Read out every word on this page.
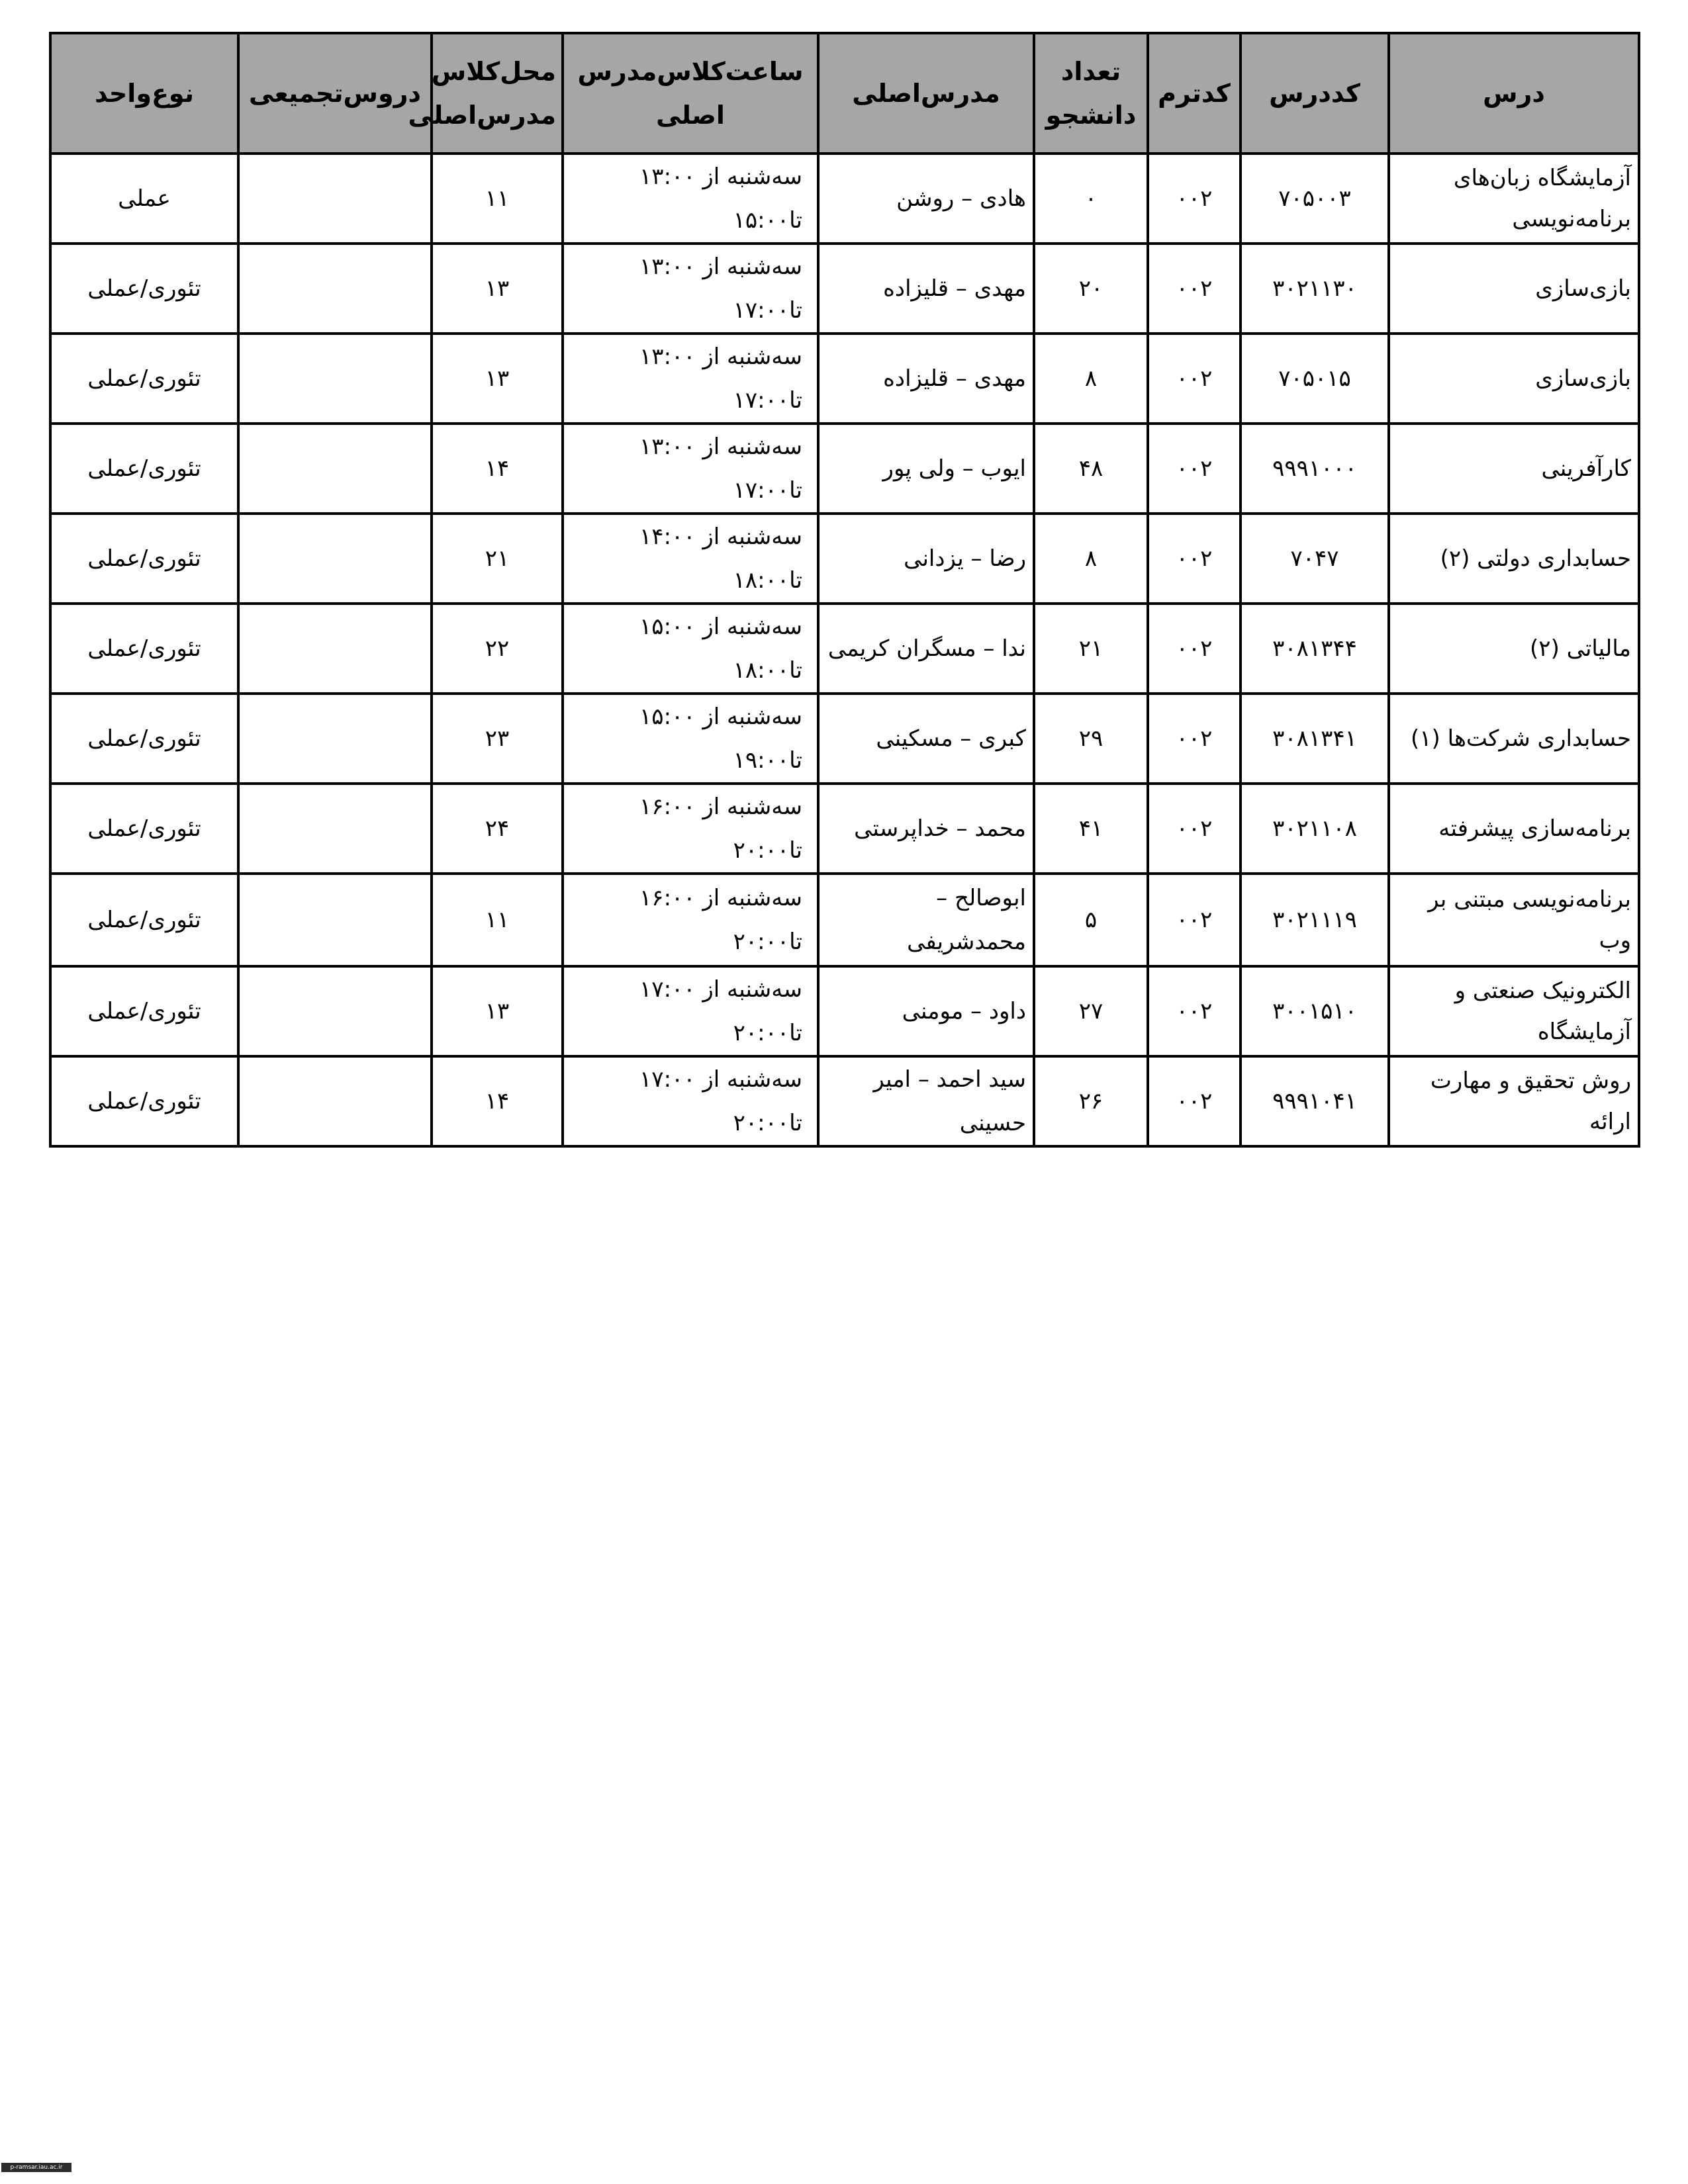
درس	کددرس	کدترم	تعداد دانشجو	مدرس‌اصلی	ساعت‌کلاس‌مدرس اصلی	محل‌کلاس مدرس‌اصلی	دروس‌تجمیعی	نوع‌واحد
آزمایشگاه زبان‌های برنامه‌نویسی	۷۰۵۰۰۳	۰۰۲	۰	هادی – روشن	سه‌شنبه از ۱۳:۰۰ تا۱۵:۰۰	۱۱		عملی
بازی‌سازی	۳۰۲۱۱۳۰	۰۰۲	۲۰	مهدی – قلیزاده	سه‌شنبه از ۱۳:۰۰ تا۱۷:۰۰	۱۳		تئوری/عملی
بازی‌سازی	۷۰۵۰۱۵	۰۰۲	۸	مهدی – قلیزاده	سه‌شنبه از ۱۳:۰۰ تا۱۷:۰۰	۱۳		تئوری/عملی
کارآفرینی	۹۹۹۱۰۰۰	۰۰۲	۴۸	ایوب – ولی پور	سه‌شنبه از ۱۳:۰۰ تا۱۷:۰۰	۱۴		تئوری/عملی
حسابداری دولتی (۲)	۷۰۴۷	۰۰۲	۸	رضا – یزدانی	سه‌شنبه از ۱۴:۰۰ تا۱۸:۰۰	۲۱		تئوری/عملی
مالیاتی (۲)	۳۰۸۱۳۴۴	۰۰۲	۲۱	ندا – مسگران کریمی	سه‌شنبه از ۱۵:۰۰ تا۱۸:۰۰	۲۲		تئوری/عملی
حسابداری شرکت‌ها (۱)	۳۰۸۱۳۴۱	۰۰۲	۲۹	کبری – مسکینی	سه‌شنبه از ۱۵:۰۰ تا۱۹:۰۰	۲۳		تئوری/عملی
برنامه‌سازی پیشرفته	۳۰۲۱۱۰۸	۰۰۲	۴۱	محمد – خداپرستی	سه‌شنبه از ۱۶:۰۰ تا۲۰:۰۰	۲۴		تئوری/عملی
برنامه‌نویسی مبتنی بر وب	۳۰۲۱۱۱۹	۰۰۲	۵	ابوصالح – محمدشریفی	سه‌شنبه از ۱۶:۰۰ تا۲۰:۰۰	۱۱		تئوری/عملی
الکترونیک صنعتی و آزمایشگاه	۳۰۰۱۵۱۰	۰۰۲	۲۷	داود – مومنی	سه‌شنبه از ۱۷:۰۰ تا۲۰:۰۰	۱۳		تئوری/عملی
روش تحقیق و مهارت ارائه	۹۹۹۱۰۴۱	۰۰۲	۲۶	سید احمد – امیر حسینی	سه‌شنبه از ۱۷:۰۰ تا۲۰:۰۰	۱۴		تئوری/عملی
p-ramsar.iau.ac.ir
